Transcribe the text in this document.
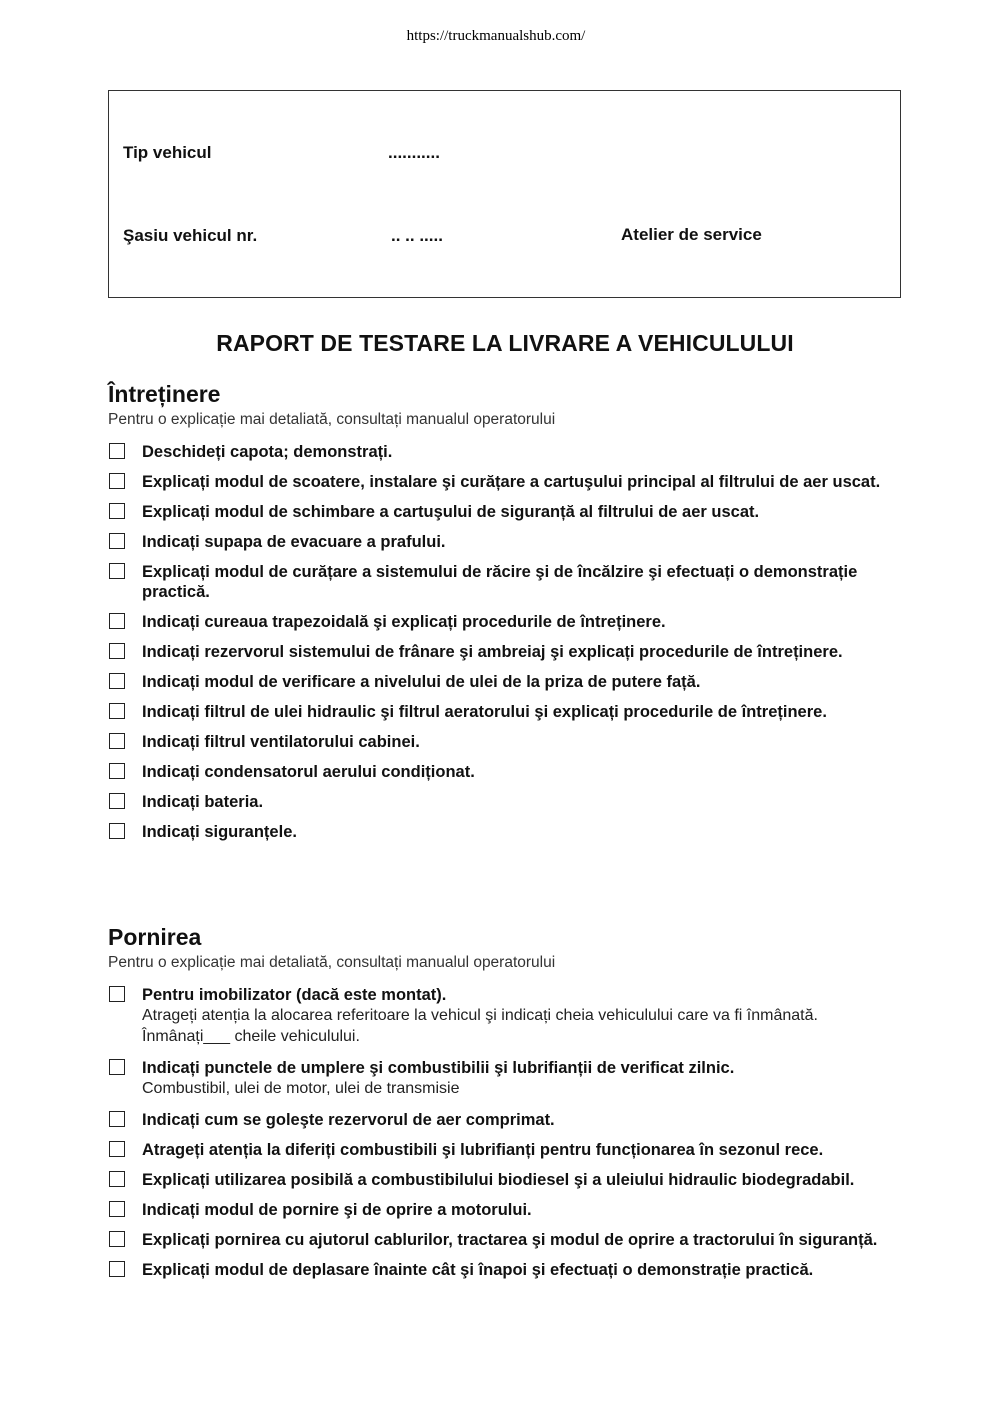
https://truckmanualshub.com/
Tip vehicul	...........
Şasiu vehicul nr.	.. .. .....	Atelier de service
RAPORT DE TESTARE LA LIVRARE A VEHICULULUI
Întreținere

Pentru o explicație mai detaliată, consultați manualul operatorului

Deschideți capota; demonstrați.
Explicați modul de scoatere, instalare şi curățare a cartuşului principal al filtrului de aer uscat.
Explicați modul de schimbare a cartuşului de siguranță al filtrului de aer uscat.
Indicați supapa de evacuare a prafului.
Explicați modul de curățare a sistemului de răcire şi de încălzire şi efectuați o demonstrație practică.
Indicați cureaua trapezoidală şi explicați procedurile de întreținere.
Indicați rezervorul sistemului de frânare şi ambreiaj şi explicați procedurile de întreținere.
Indicați modul de verificare a nivelului de ulei de la priza de putere față.
Indicați filtrul de ulei hidraulic şi filtrul aeratorului şi explicați procedurile de întreținere.
Indicați filtrul ventilatorului cabinei.
Indicați condensatorul aerului condiționat.
Indicați bateria.
Indicați siguranțele.
Pornirea

Pentru o explicație mai detaliată, consultați manualul operatorului

Pentru imobilizator (dacă este montat).
Atrageți atenția la alocarea referitoare la vehicul şi indicați cheia vehiculului care va fi înmânată. Înmânați___ cheile vehiculului.
Indicați punctele de umplere şi combustibilii şi lubrifianții de verificat zilnic.
Combustibil, ulei de motor, ulei de transmisie
Indicați cum se goleşte rezervorul de aer comprimat.
Atrageți atenția la diferiți combustibili şi lubrifianți pentru funcționarea în sezonul rece.
Explicați utilizarea posibilă a combustibilului biodiesel şi a uleiului hidraulic biodegradabil.
Indicați modul de pornire şi de oprire a motorului.
Explicați pornirea cu ajutorul cablurilor, tractarea şi modul de oprire a tractorului în siguranță.
Explicați modul de deplasare înainte cât şi înapoi şi efectuați o demonstrație practică.
